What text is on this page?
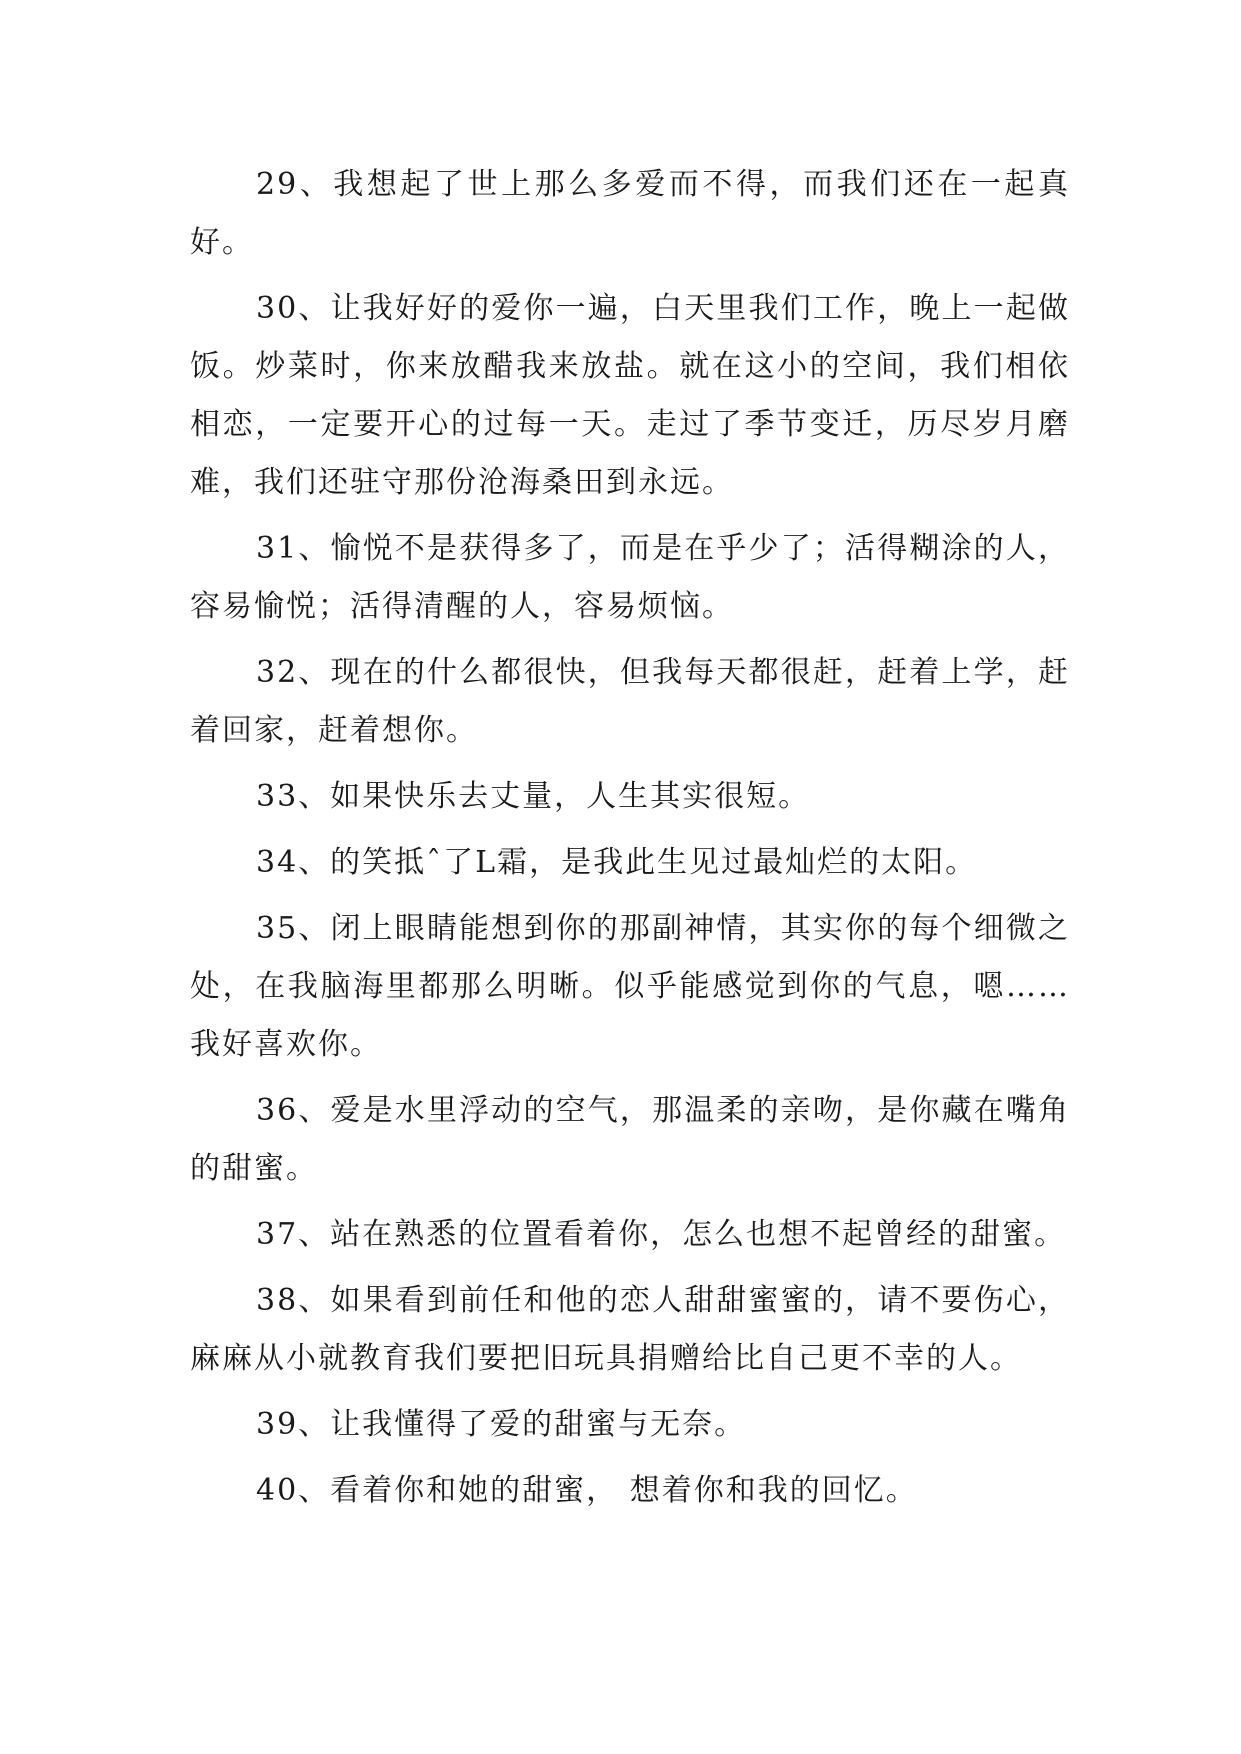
29、我想起了世上那么多爱而不得，而我们还在一起真好。

30、让我好好的爱你一遍，白天里我们工作，晚上一起做饭。炒菜时，你来放醋我来放盐。就在这小的空间，我们相依相恋，一定要开心的过每一天。走过了季节变迁，历尽岁月磨难，我们还驻守那份沧海桑田到永远。

31、愉悦不是获得多了，而是在乎少了；活得糊涂的人，容易愉悦；活得清醒的人，容易烦恼。

32、现在的什么都很快，但我每天都很赶，赶着上学，赶着回家，赶着想你。

33、如果快乐去丈量，人生其实很短。

34、的笑抵ˆ了L霜，是我此生见过最灿烂的太阳。

35、闭上眼睛能想到你的那副神情，其实你的每个细微之处，在我脑海里都那么明晰。似乎能感觉到你的气息，嗯……我好喜欢你。

36、爱是水里浮动的空气，那温柔的亲吻，是你藏在嘴角的甜蜜。

37、站在熟悉的位置看着你，怎么也想不起曾经的甜蜜。

38、如果看到前任和他的恋人甜甜蜜蜜的，请不要伤心，麻麻从小就教育我们要把旧玩具捐赠给比自己更不幸的人。

39、让我懂得了爱的甜蜜与无奈。

40、看着你和她的甜蜜， 想着你和我的回忆。
